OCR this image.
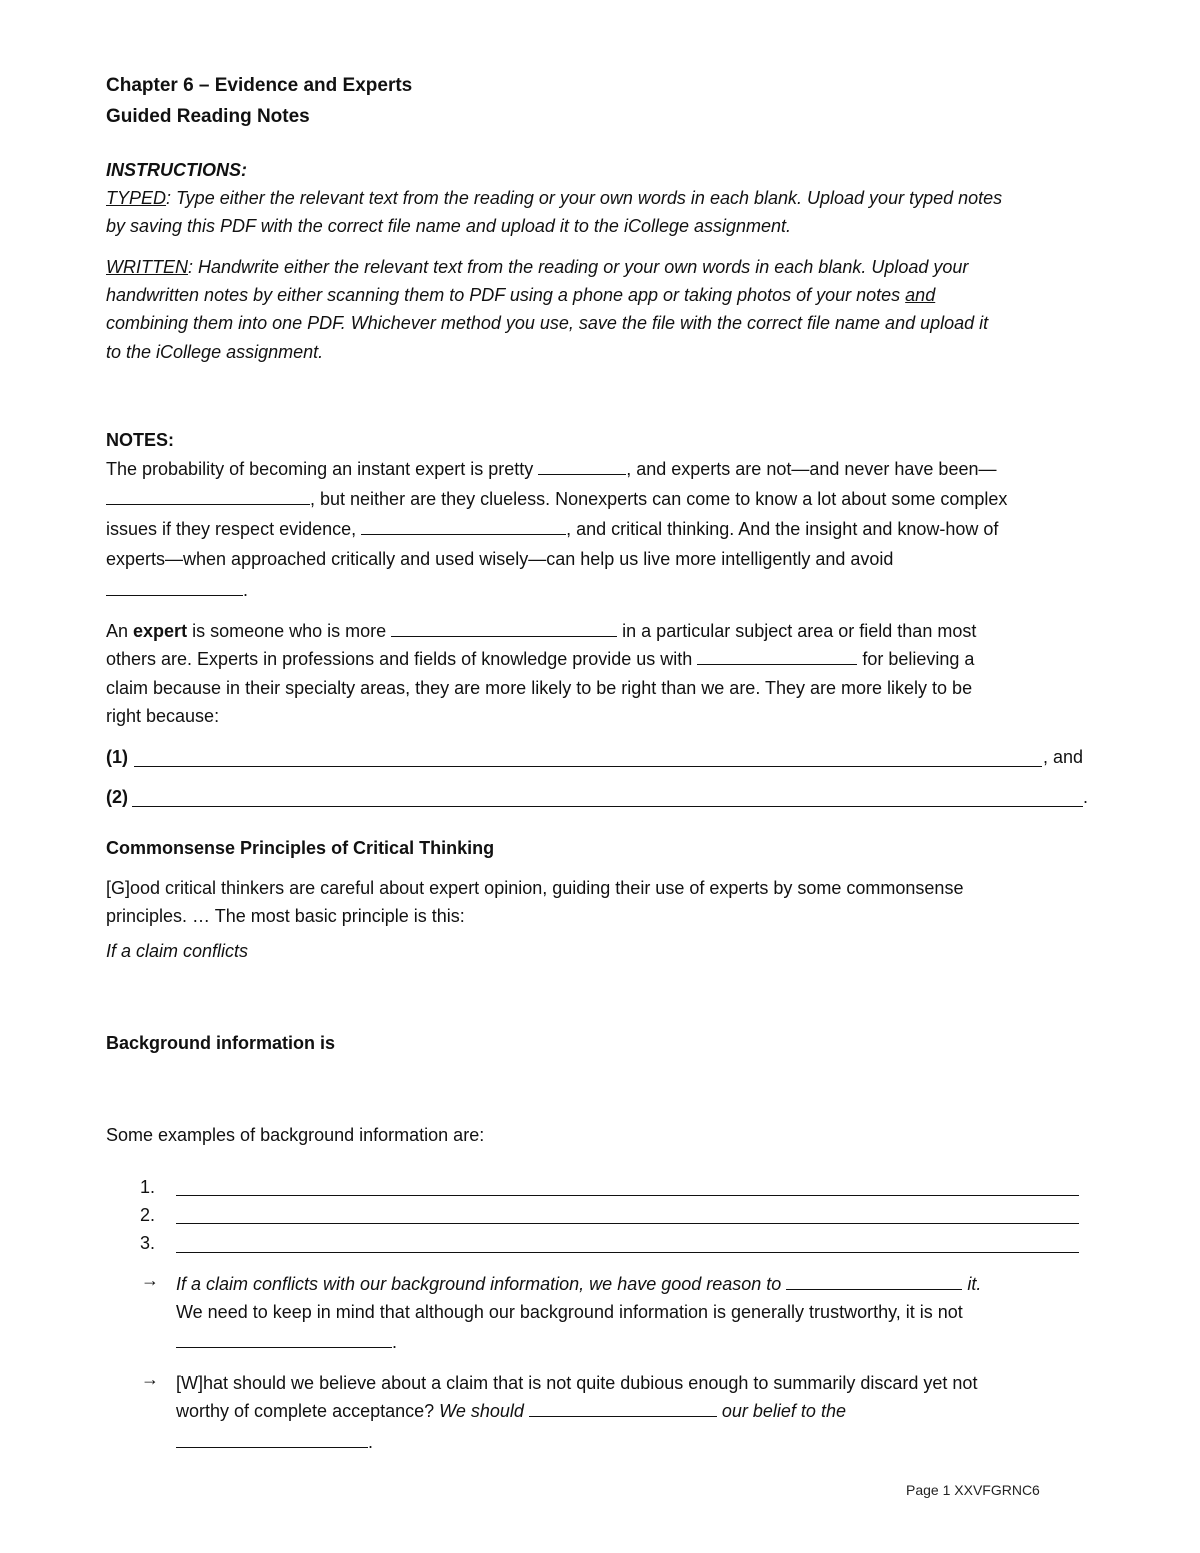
Chapter 6 – Evidence and Experts
Guided Reading Notes
INSTRUCTIONS:
TYPED: Type either the relevant text from the reading or your own words in each blank. Upload your typed notes
by saving this PDF with the correct file name and upload it to the iCollege assignment.
WRITTEN: Handwrite either the relevant text from the reading or your own words in each blank. Upload your
handwritten notes by either scanning them to PDF using a phone app or taking photos of your notes and
combining them into one PDF. Whichever method you use, save the file with the correct file name and upload it
to the iCollege assignment.
NOTES:
The probability of becoming an instant expert is pretty	, and experts are not—and never have been—
, but neither are they clueless. Nonexperts can come to know a lot about some complex
issues if they respect evidence,	, and critical thinking. And the insight and know-how of
experts—when approached critically and used wisely—can help us live more intelligently and avoid
.
An expert is someone who is more	in a particular subject area or field than most
others are. Experts in professions and fields of knowledge provide us with	for believing a
claim because in their specialty areas, they are more likely to be right than we are. They are more likely to be
right because:
(1)	, and
(2)	.
Commonsense Principles of Critical Thinking
[G]ood critical thinkers are careful about expert opinion, guiding their use of experts by some commonsense
principles. … The most basic principle is this:
If a claim conflicts
Background information is
Some examples of background information are:
1.
2.
3.
→ If a claim conflicts with our background information, we have good reason to	it.
We need to keep in mind that although our background information is generally trustworthy, it is not
.
→ [W]hat should we believe about a claim that is not quite dubious enough to summarily discard yet not
worthy of complete acceptance? We should	our belief to the
.
Page 1 XXVFGRNC6
